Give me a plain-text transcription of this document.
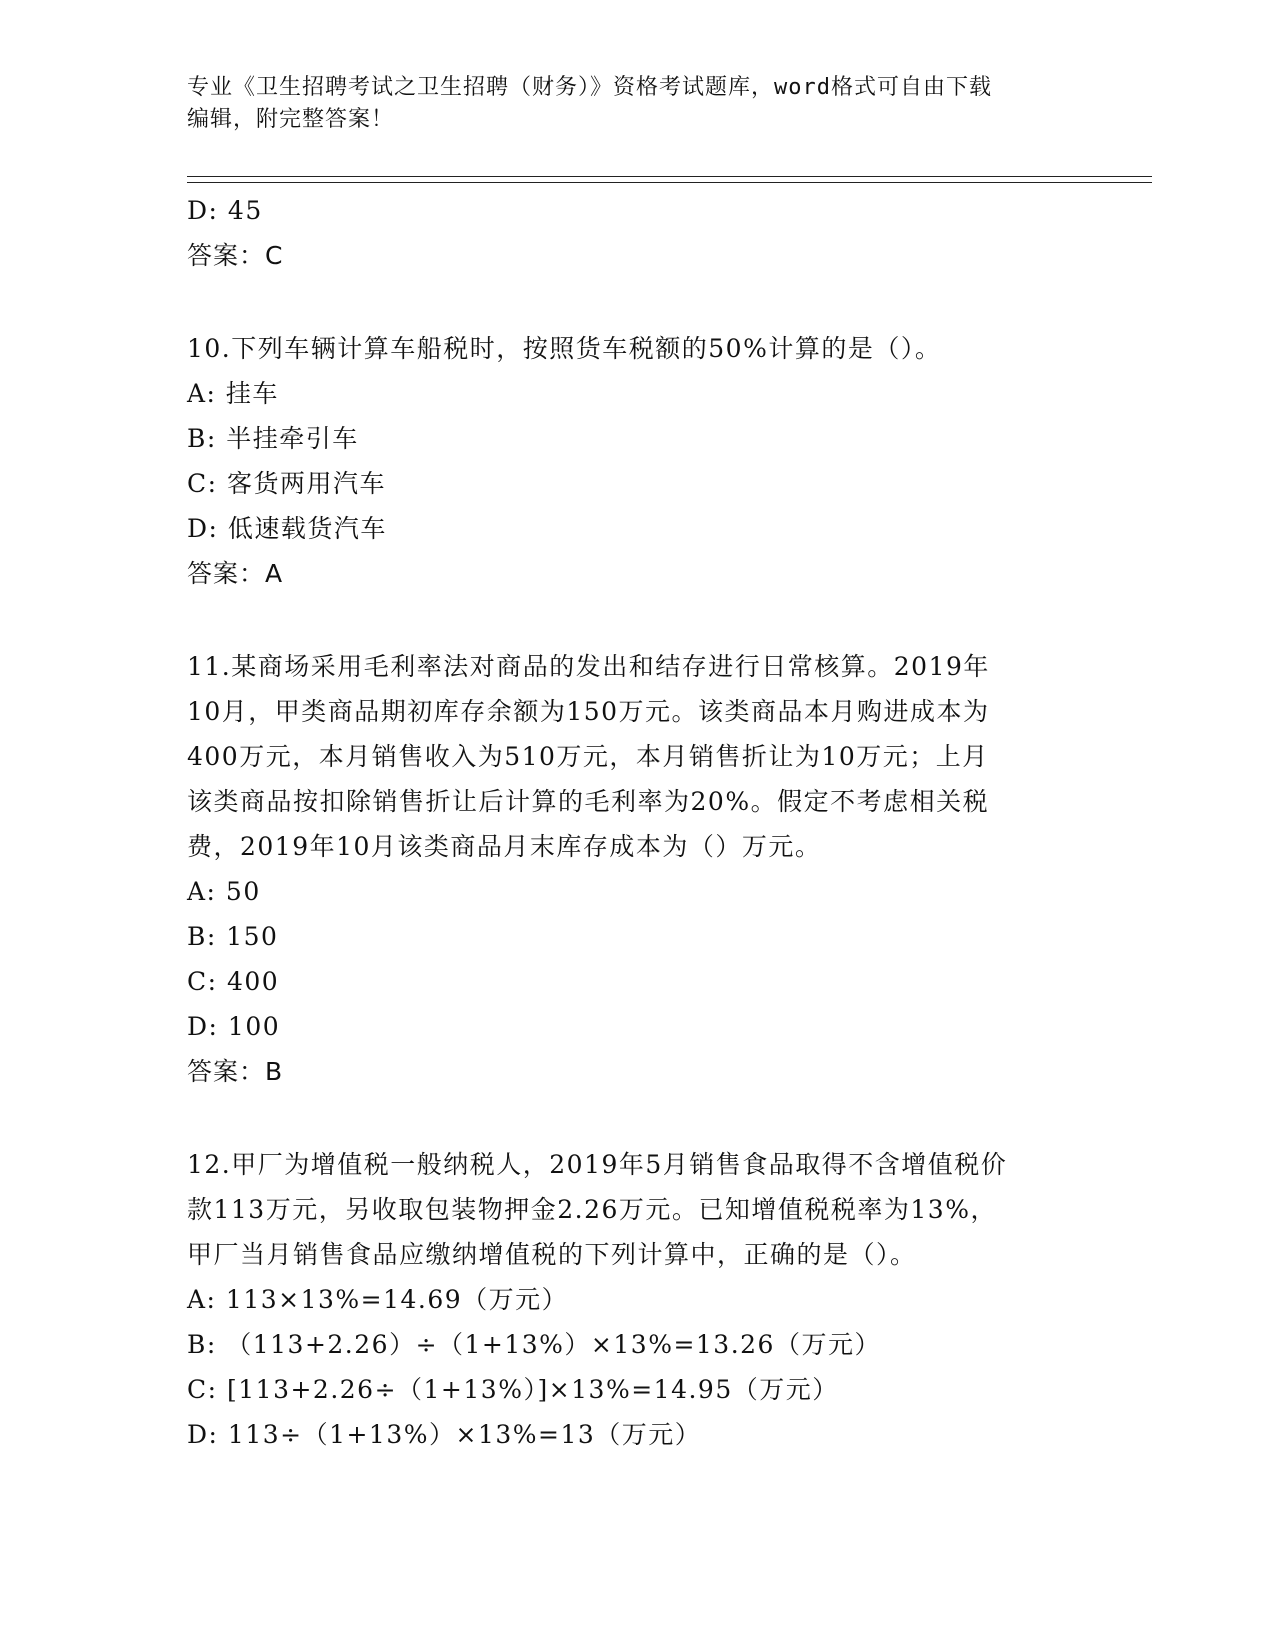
专业《卫生招聘考试之卫生招聘（财务）》资格考试题库，word格式可自由下载
编辑，附完整答案！
D: 45
答案：C
10.下列车辆计算车船税时，按照货车税额的50%计算的是（）。
A: 挂车
B: 半挂牵引车
C: 客货两用汽车
D: 低速载货汽车
答案：A
11.某商场采用毛利率法对商品的发出和结存进行日常核算。2019年
10月，甲类商品期初库存余额为150万元。该类商品本月购进成本为
400万元，本月销售收入为510万元，本月销售折让为10万元；上月
该类商品按扣除销售折让后计算的毛利率为20%。假定不考虑相关税
费，2019年10月该类商品月末库存成本为（）万元。
A: 50
B: 150
C: 400
D: 100
答案：B
12.甲厂为增值税一般纳税人，2019年5月销售食品取得不含增值税价
款113万元，另收取包装物押金2.26万元。已知增值税税率为13%，
甲厂当月销售食品应缴纳增值税的下列计算中，正确的是（）。
A: 113×13%=14.69（万元）
B: （113+2.26）÷（1+13%）×13%=13.26（万元）
C: [113+2.26÷（1+13%）]×13%=14.95（万元）
D: 113÷（1+13%）×13%=13（万元）
